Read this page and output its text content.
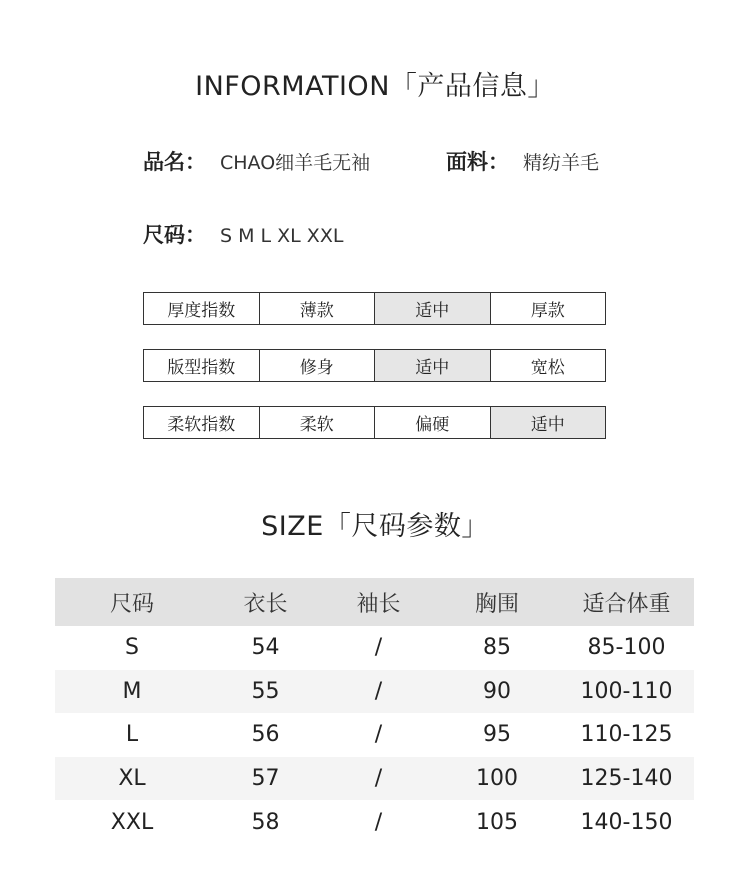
INFORMATION「产品信息」
品名： CHAO细羊毛无袖	面料： 精纺羊毛
尺码： S M L XL XXL
厚度指数	薄款	适中	厚款
版型指数	修身	适中	宽松
柔软指数	柔软	偏硬	适中
SIZE「尺码参数」
尺码	衣长	袖长	胸围	适合体重
S	54	/	85	85-100
M	55	/	90	100-110
L	56	/	95	110-125
XL	57	/	100	125-140
XXL	58	/	105	140-150
